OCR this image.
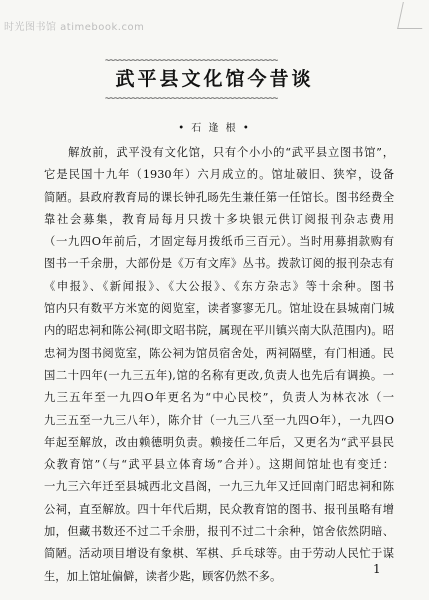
时光图书馆 atimebook.com
~~~~~~~~~~~~~~~~~~~~~~~~~~~~~~~~~~~~~~~
武平县文化馆今昔谈
~~~~~~~~~~~~~~~~~~~~~~~~~~~~~~~~~~~~~~~
• 石 逢 根 •
　　解放前，武平没有文化馆，只有个小小的“武平县立图书馆”，
它是民国十九年（1930年）六月成立的。馆址破旧、狭窄，设备
简陋。县政府教育局的课长钟孔旸先生兼任第一任馆长。图书经费全
靠社会募集，教育局每月只拨十多块银元供订阅报刊杂志费用
（一九四О年前后，才固定每月拨纸币三百元）。当时用募捐款购有
图书一千余册，大部份是《万有文库》丛书。拨款订阅的报刊杂志有
《申报》、《新闻报》、《大公报》、《东方杂志》等十余种。图书
馆内只有数平方米宽的阅览室，读者寥寥无几。馆址设在县城南门城
内的昭忠祠和陈公祠(即文昭书院，属现在平川镇兴南大队范围内)。昭
忠祠为图书阅览室，陈公祠为馆员宿舍处，两祠隔壁，有门相通。民
国二十四年(一九三五年),馆的名称有更改,负责人也先后有调换。一
九三五年至一九四О年更名为“中心民校”，负责人为林衣冰（一
九三五至一九三八年），陈介甘（一九三八至一九四О年），一九四О
年起至解放，改由赖德明负责。赖接任二年后，又更名为“武平县民
众教育馆”（与“武平县立体育场”合并）。这期间馆址也有变迁：
一九三六年迁至县城西北文昌阁，一九三九年又迁回南门昭忠祠和陈
公祠，直至解放。四十年代后期，民众教育馆的图书、报刊虽略有增
加，但藏书数还不过二千余册，报刊不过二十余种，馆舍依然阴暗、
简陋。活动项目增设有象棋、军棋、乒乓球等。由于劳动人民忙于谋
生，加上馆址偏僻，读者少匙，顾客仍然不多。
1
